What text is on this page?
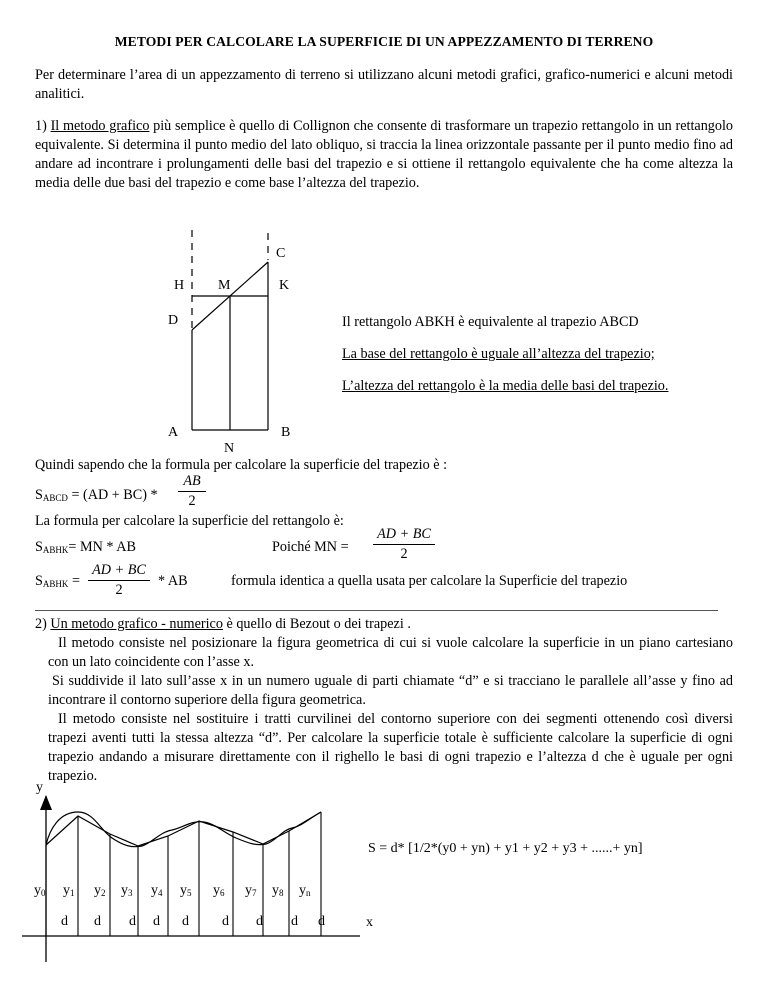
METODI PER CALCOLARE LA SUPERFICIE DI UN APPEZZAMENTO DI TERRENO
Per determinare l’area di un appezzamento di terreno si utilizzano alcuni metodi grafici, grafico-numerici e alcuni metodi analitici.
1) Il metodo grafico più semplice è quello di Collignon che consente di trasformare un trapezio rettangolo in un rettangolo equivalente. Si determina il punto medio del lato obliquo, si traccia la linea orizzontale passante per il punto medio fino ad andare ad incontrare i prolungamenti delle basi del trapezio e si ottiene il rettangolo equivalente che ha come altezza la media delle due basi del trapezio e come base l’altezza del trapezio.
C
H M	K
D
A	B
N
Il rettangolo ABKH è equivalente al trapezio ABCD
La base del rettangolo è uguale all’altezza del trapezio;
L’altezza del rettangolo è la media delle basi del trapezio.
Quindi sapendo che la formula per calcolare la superficie del trapezio è :
$S_{ABCD} = (AD + BC)$ *
AB
2
La formula per calcolare la superficie del rettangolo è:
$S_{ABHK}=$ MN * AB	Poiché MN =
AD + BC
2
$S_{ABHK}$ =
AD + BC
2
* AB	formula identica a quella usata per calcolare la Superficie del trapezio
2) Un metodo grafico - numerico è quello di Bezout o dei trapezi .
Il metodo consiste nel posizionare la figura geometrica di cui si vuole calcolare la superficie in un piano cartesiano con un lato coincidente con l’asse x.
Si suddivide il lato sull’asse x in un numero uguale di parti chiamate “d” e si tracciano le parallele all’asse y fino ad incontrare il contorno superiore della figura geometrica.
Il metodo consiste nel sostituire i tratti curvilinei del contorno superiore con dei segmenti ottenendo così diversi trapezi aventi tutti la stessa altezza “d”. Per calcolare la superficie totale è sufficiente calcolare la superficie di ogni trapezio andando a misurare direttamente con il righello le basi di ogni trapezio e l’altezza d che è uguale per ogni trapezio.
y
x
$y_0$ $y_1$ $y_2$ $y_3$ $y_4$ $y_5$ $y_6$ $y_7$ $y_8$ $y_n$
d d d d d d d d d
S = d* [1/2*(y0 + yn) + y1 + y2 + y3 + ......+ yn]
